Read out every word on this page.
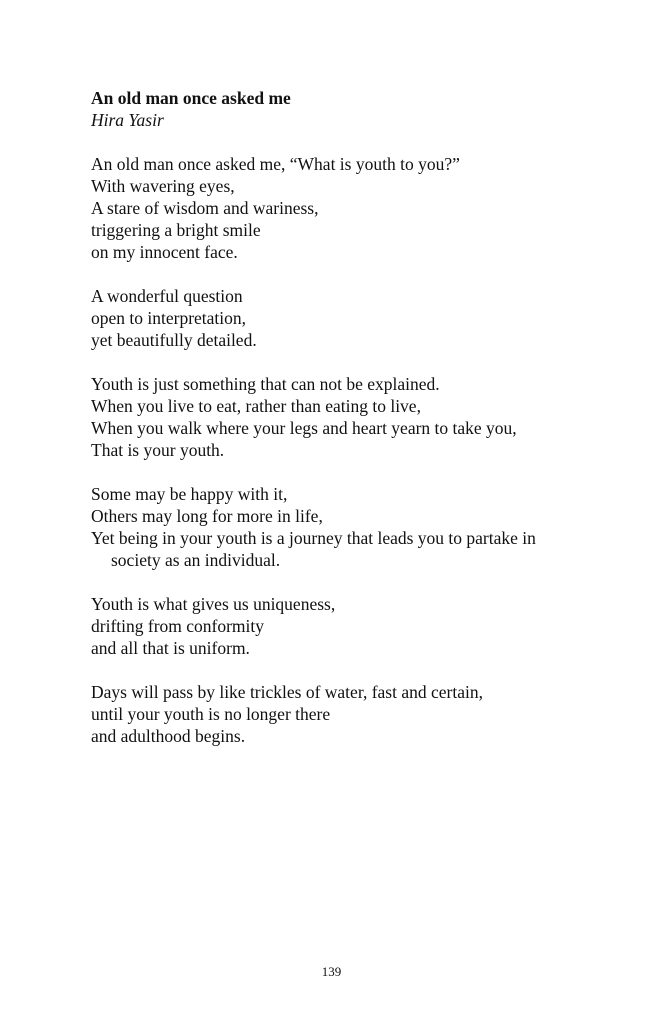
An old man once asked me
Hira Yasir
An old man once asked me, “What is youth to you?”
With wavering eyes,
A stare of wisdom and wariness,
triggering a bright smile
on my innocent face.
A wonderful question
open to interpretation,
yet beautifully detailed.
Youth is just something that can not be explained.
When you live to eat, rather than eating to live,
When you walk where your legs and heart yearn to take you,
That is your youth.
Some may be happy with it,
Others may long for more in life,
Yet being in your youth is a journey that leads you to partake in
society as an individual.
Youth is what gives us uniqueness,
drifting from conformity
and all that is uniform.
Days will pass by like trickles of water, fast and certain,
until your youth is no longer there
and adulthood begins.
139
